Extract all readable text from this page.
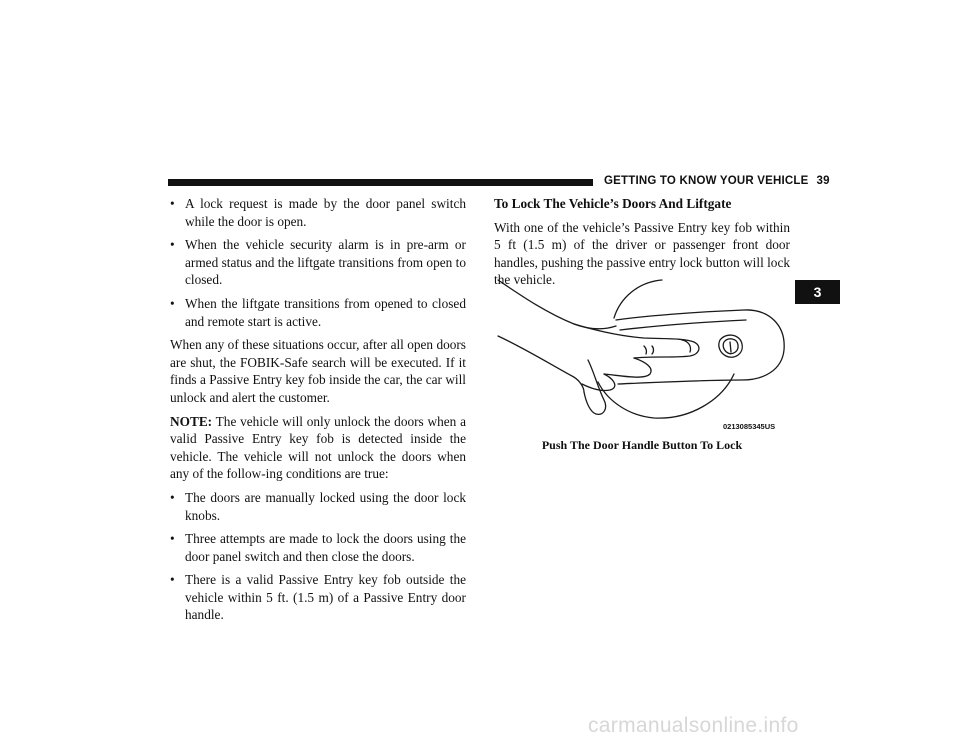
GETTING TO KNOW YOUR VEHICLE 39
3
• A lock request is made by the door panel switch while the door is open.
• When the vehicle security alarm is in pre-arm or armed status and the liftgate transitions from open to closed.
• When the liftgate transitions from opened to closed and remote start is active.

When any of these situations occur, after all open doors are shut, the FOBIK-Safe search will be executed. If it finds a Passive Entry key fob inside the car, the car will unlock and alert the customer.

NOTE: The vehicle will only unlock the doors when a valid Passive Entry key fob is detected inside the vehicle. The vehicle will not unlock the doors when any of the follow-ing conditions are true:

• The doors are manually locked using the door lock knobs.
• Three attempts are made to lock the doors using the door panel switch and then close the doors.
• There is a valid Passive Entry key fob outside the vehicle within 5 ft. (1.5 m) of a Passive Entry door handle.
To Lock The Vehicle’s Doors And Liftgate

With one of the vehicle’s Passive Entry key fob within 5 ft (1.5 m) of the driver or passenger front door handles, pushing the passive entry lock button will lock the vehicle.

0213085345US
Push The Door Handle Button To Lock
carmanualsonline.info
